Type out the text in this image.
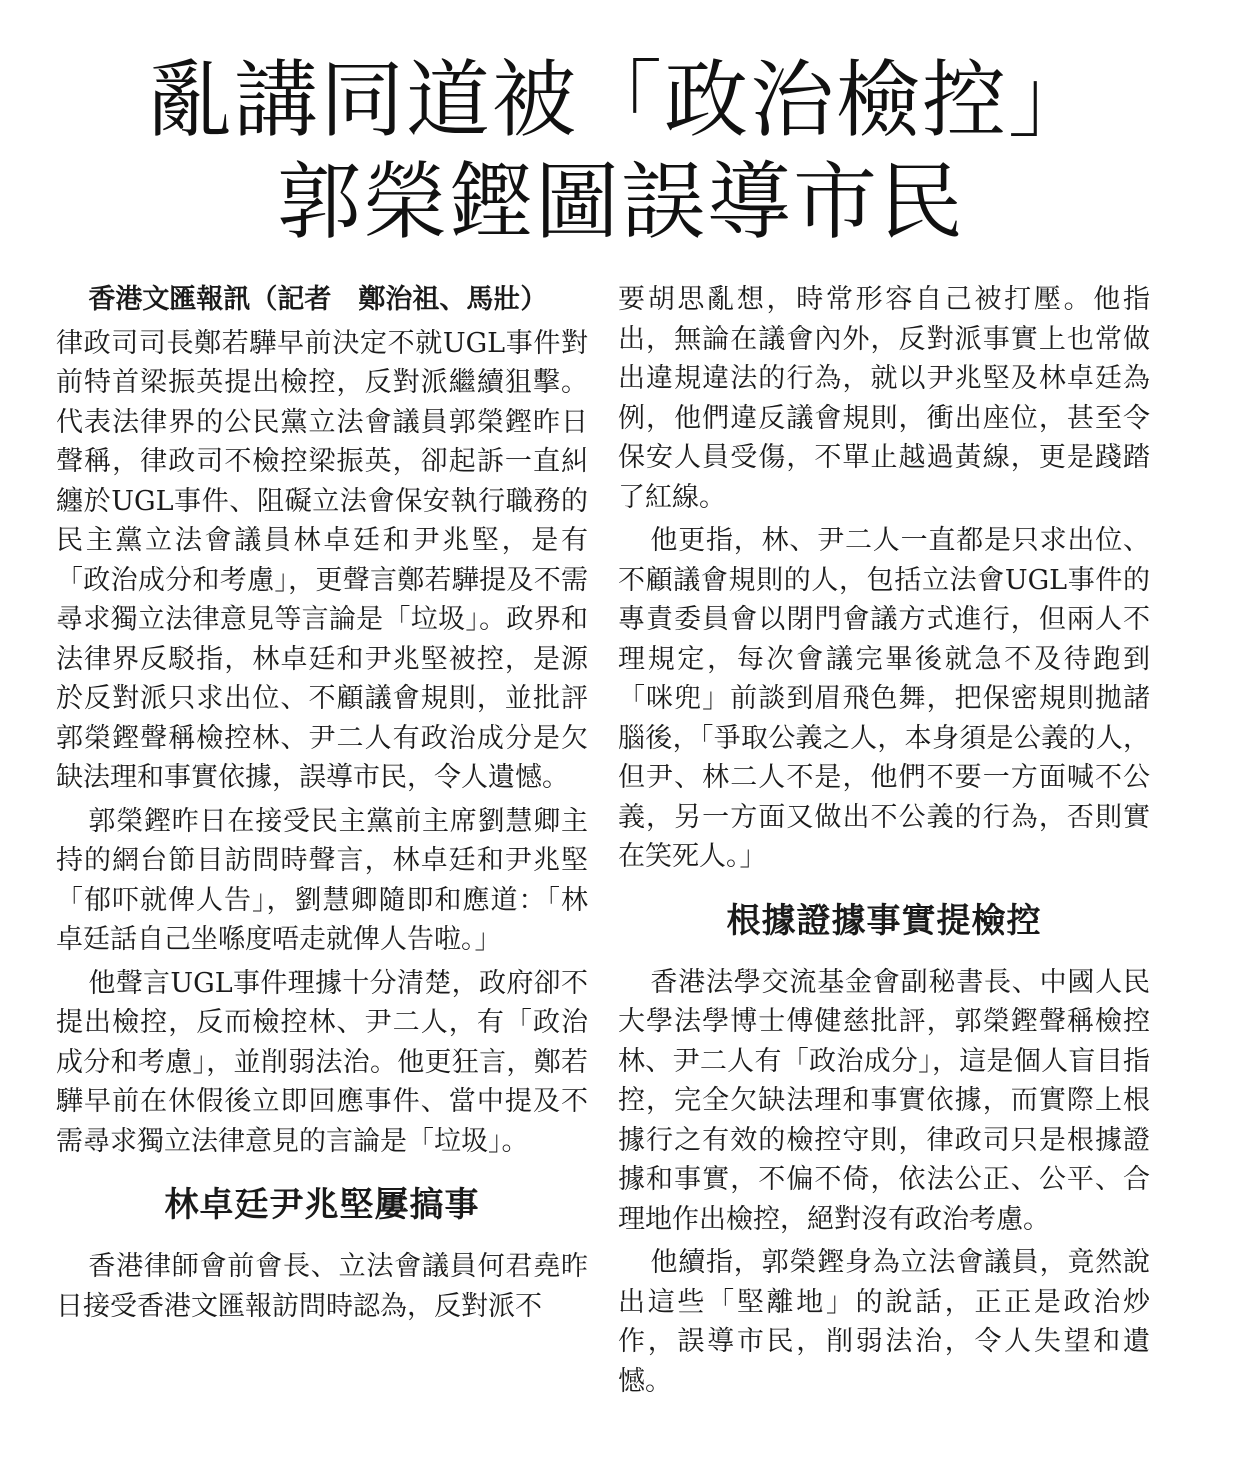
亂講同道被「政治檢控」
郭榮鏗圖誤導市民

香港文匯報訊（記者　鄭治祖、馬壯）

律政司司長鄭若驊早前決定不就UGL事件對前特首梁振英提出檢控，反對派繼續狙擊。代表法律界的公民黨立法會議員郭榮鏗昨日聲稱，律政司不檢控梁振英，卻起訴一直糾纏於UGL事件、阻礙立法會保安執行職務的民主黨立法會議員林卓廷和尹兆堅，是有「政治成分和考慮」，更聲言鄭若驊提及不需尋求獨立法律意見等言論是「垃圾」。政界和法律界反駁指，林卓廷和尹兆堅被控，是源於反對派只求出位、不顧議會規則，並批評郭榮鏗聲稱檢控林、尹二人有政治成分是欠缺法理和事實依據，誤導市民，令人遺憾。

郭榮鏗昨日在接受民主黨前主席劉慧卿主持的網台節目訪問時聲言，林卓廷和尹兆堅「郁吓就俾人告」，劉慧卿隨即和應道：「林卓廷話自己坐喺度唔走就俾人告啦。」

他聲言UGL事件理據十分清楚，政府卻不提出檢控，反而檢控林、尹二人，有「政治成分和考慮」，並削弱法治。他更狂言，鄭若驊早前在休假後立即回應事件、當中提及不需尋求獨立法律意見的言論是「垃圾」。

林卓廷尹兆堅屢搞事

香港律師會前會長、立法會議員何君堯昨日接受香港文匯報訪問時認為，反對派不

要胡思亂想，時常形容自己被打壓。他指出，無論在議會內外，反對派事實上也常做出違規違法的行為，就以尹兆堅及林卓廷為例，他們違反議會規則，衝出座位，甚至令保安人員受傷，不單止越過黃線，更是踐踏了紅線。

他更指，林、尹二人一直都是只求出位、不顧議會規則的人，包括立法會UGL事件的專責委員會以閉門會議方式進行，但兩人不理規定，每次會議完畢後就急不及待跑到「咪兜」前談到眉飛色舞，把保密規則拋諸腦後，「爭取公義之人，本身須是公義的人，但尹、林二人不是，他們不要一方面喊不公義，另一方面又做出不公義的行為，否則實在笑死人。」

根據證據事實提檢控

香港法學交流基金會副秘書長、中國人民大學法學博士傅健慈批評，郭榮鏗聲稱檢控林、尹二人有「政治成分」，這是個人盲目指控，完全欠缺法理和事實依據，而實際上根據行之有效的檢控守則，律政司只是根據證據和事實，不偏不倚，依法公正、公平、合理地作出檢控，絕對沒有政治考慮。

他續指，郭榮鏗身為立法會議員，竟然說出這些「堅離地」的說話，正正是政治炒作，誤導市民，削弱法治，令人失望和遺憾。
